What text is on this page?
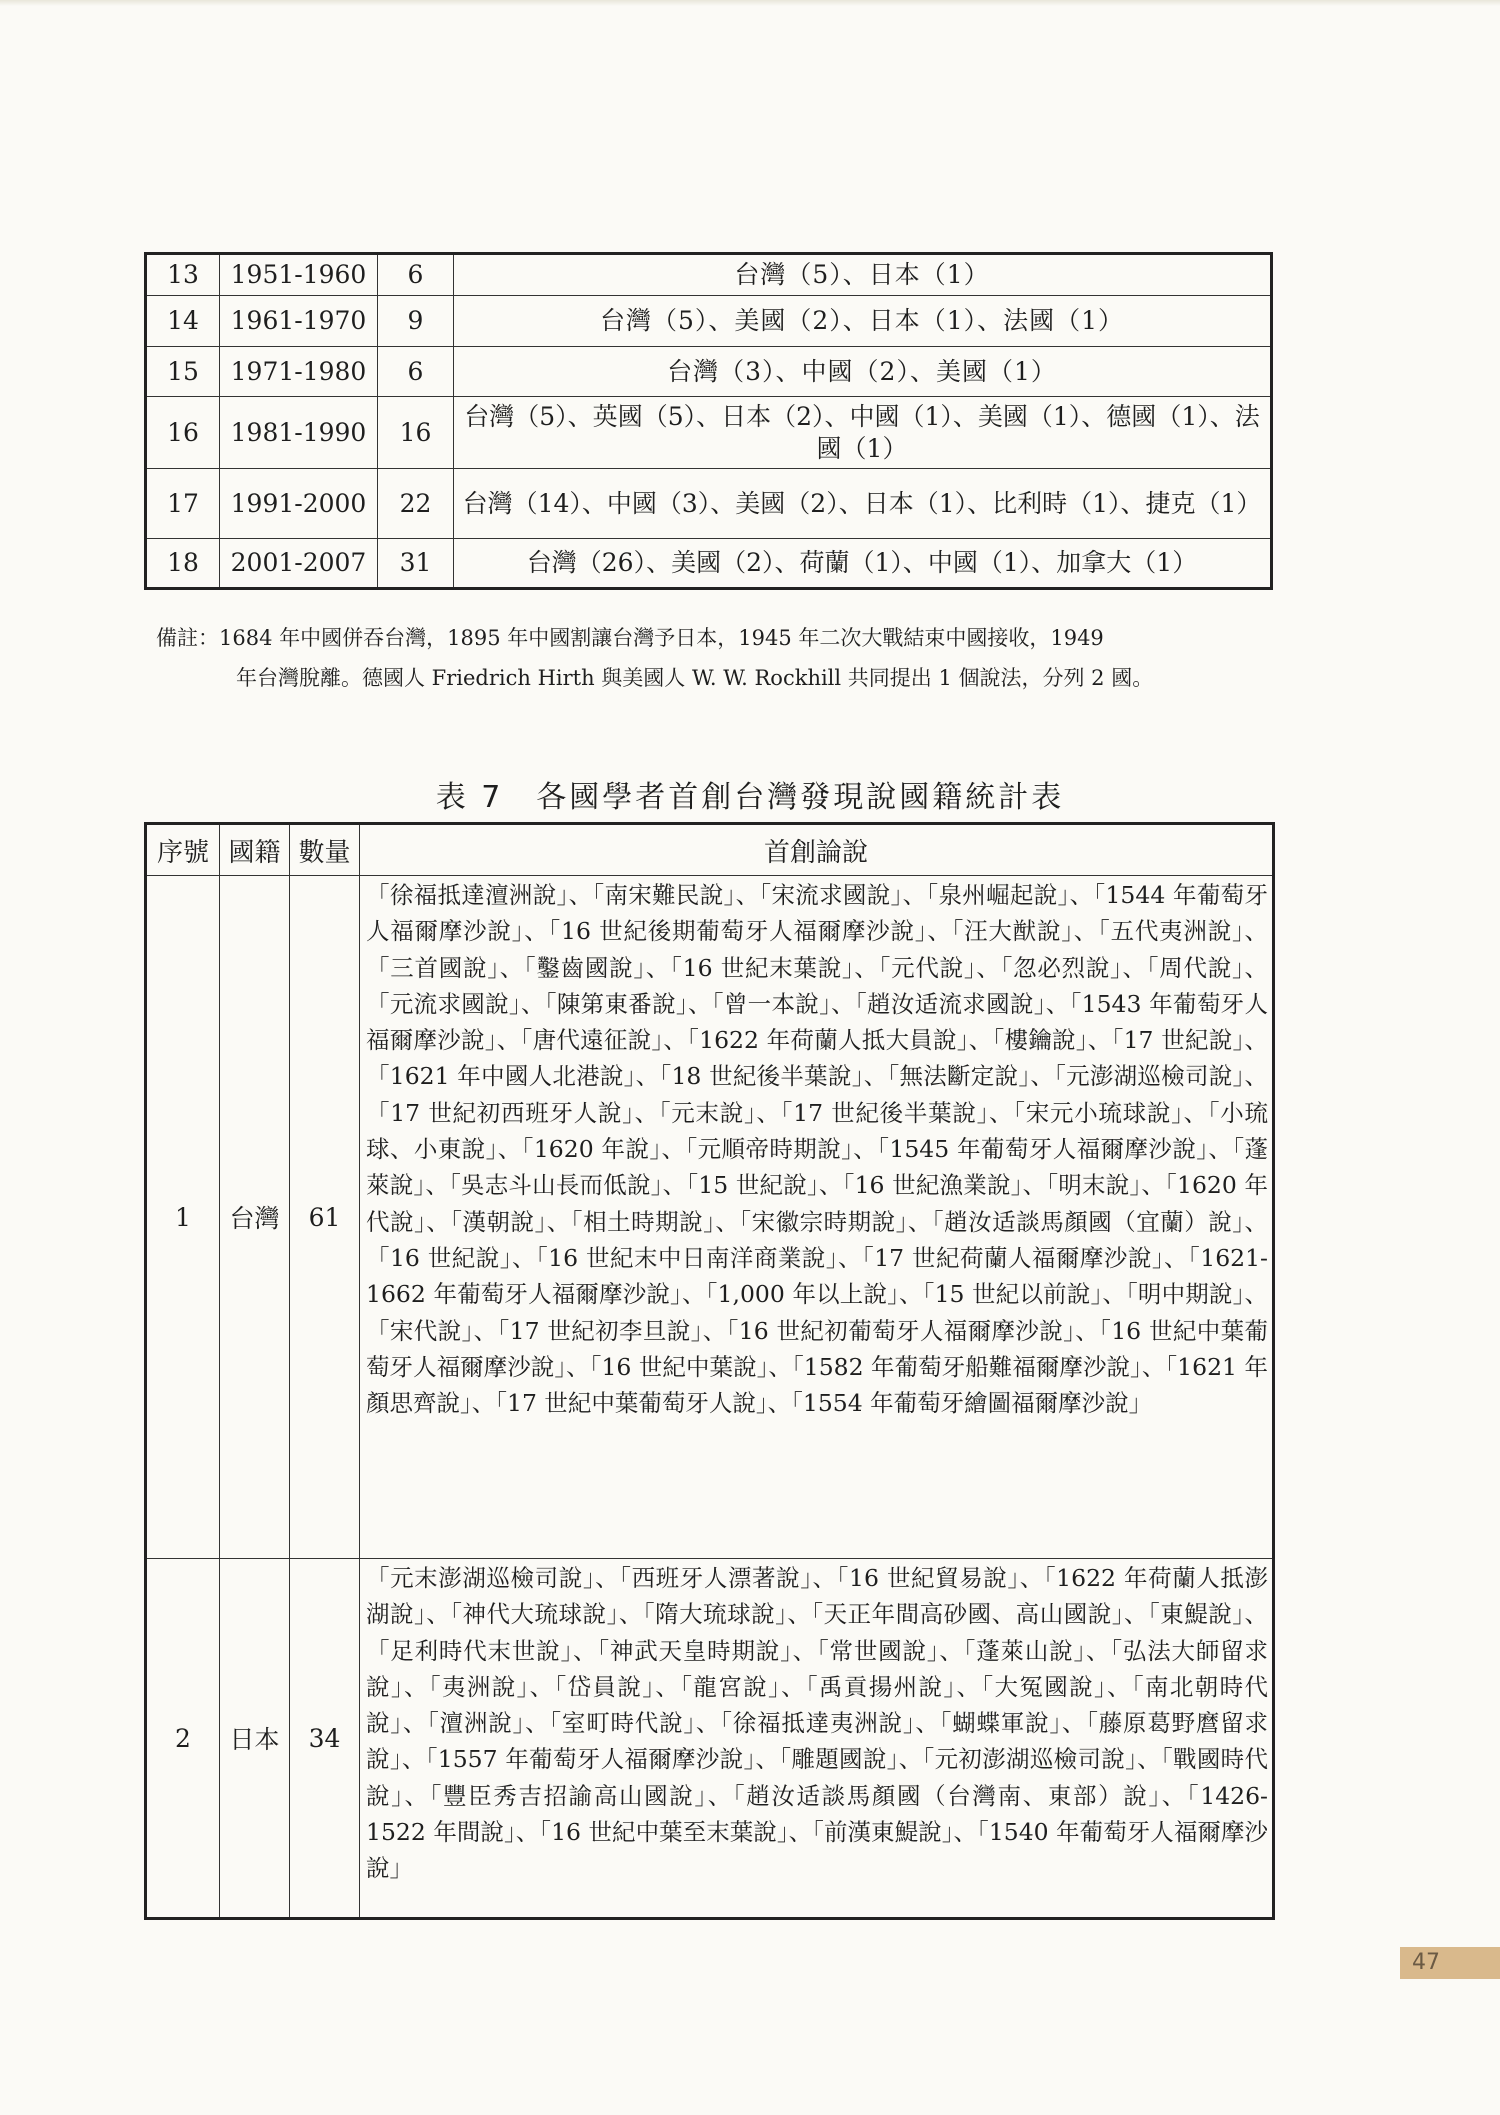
13	1951-1960	6	台灣（5）、日本（1）
14	1961-1970	9	台灣（5）、美國（2）、日本（1）、法國（1）
15	1971-1980	6	台灣（3）、中國（2）、美國（1）
16	1981-1990	16	台灣（5）、英國（5）、日本（2）、中國（1）、美國（1）、德國（1）、法國（1）
17	1991-2000	22	台灣（14）、中國（3）、美國（2）、日本（1）、比利時（1）、捷克（1）
18	2001-2007	31	台灣（26）、美國（2）、荷蘭（1）、中國（1）、加拿大（1）
備註：1684 年中國併吞台灣，1895 年中國割讓台灣予日本，1945 年二次大戰結束中國接收，1949
年台灣脫離。德國人 Friedrich Hirth 與美國人 W. W. Rockhill 共同提出 1 個說法，分列 2 國。
表 7　各國學者首創台灣發現說國籍統計表
序號	國籍	數量	首創論說
1	台灣	61	「徐福抵達澶洲說」、「南宋難民說」、「宋流求國說」、「泉州崛起說」、「1544 年葡萄牙人福爾摩沙說」、「16 世紀後期葡萄牙人福爾摩沙說」、「汪大猷說」、「五代夷洲說」、「三首國說」、「鑿齒國說」、「16 世紀末葉說」、「元代說」、「忽必烈說」、「周代說」、「元流求國說」、「陳第東番說」、「曾一本說」、「趙汝适流求國說」、「1543 年葡萄牙人福爾摩沙說」、「唐代遠征說」、「1622 年荷蘭人抵大員說」、「樓鑰說」、「17 世紀說」、「1621 年中國人北港說」、「18 世紀後半葉說」、「無法斷定說」、「元澎湖巡檢司說」、「17 世紀初西班牙人說」、「元末說」、「17 世紀後半葉說」、「宋元小琉球說」、「小琉球、小東說」、「1620 年說」、「元順帝時期說」、「1545 年葡萄牙人福爾摩沙說」、「蓬萊說」、「吳志斗山長而低說」、「15 世紀說」、「16 世紀漁業說」、「明末說」、「1620 年代說」、「漢朝說」、「相土時期說」、「宋徽宗時期說」、「趙汝适談馬顏國（宜蘭）說」、「16 世紀說」、「16 世紀末中日南洋商業說」、「17 世紀荷蘭人福爾摩沙說」、「1621-1662 年葡萄牙人福爾摩沙說」、「1,000 年以上說」、「15 世紀以前說」、「明中期說」、「宋代說」、「17 世紀初李旦說」、「16 世紀初葡萄牙人福爾摩沙說」、「16 世紀中葉葡萄牙人福爾摩沙說」、「16 世紀中葉說」、「1582 年葡萄牙船難福爾摩沙說」、「1621 年顏思齊說」、「17 世紀中葉葡萄牙人說」、「1554 年葡萄牙繪圖福爾摩沙說」
2	日本	34	「元末澎湖巡檢司說」、「西班牙人漂著說」、「16 世紀貿易說」、「1622 年荷蘭人抵澎湖說」、「神代大琉球說」、「隋大琉球說」、「天正年間高砂國、高山國說」、「東鯷說」、「足利時代末世說」、「神武天皇時期說」、「常世國說」、「蓬萊山說」、「弘法大師留求說」、「夷洲說」、「岱員說」、「龍宮說」、「禹貢揚州說」、「大冤國說」、「南北朝時代說」、「澶洲說」、「室町時代說」、「徐福抵達夷洲說」、「蝴蝶軍說」、「藤原葛野麿留求說」、「1557 年葡萄牙人福爾摩沙說」、「雕題國說」、「元初澎湖巡檢司說」、「戰國時代說」、「豐臣秀吉招諭高山國說」、「趙汝适談馬顏國（台灣南、東部）說」、「1426-1522 年間說」、「16 世紀中葉至末葉說」、「前漢東鯷說」、「1540 年葡萄牙人福爾摩沙說」
47
